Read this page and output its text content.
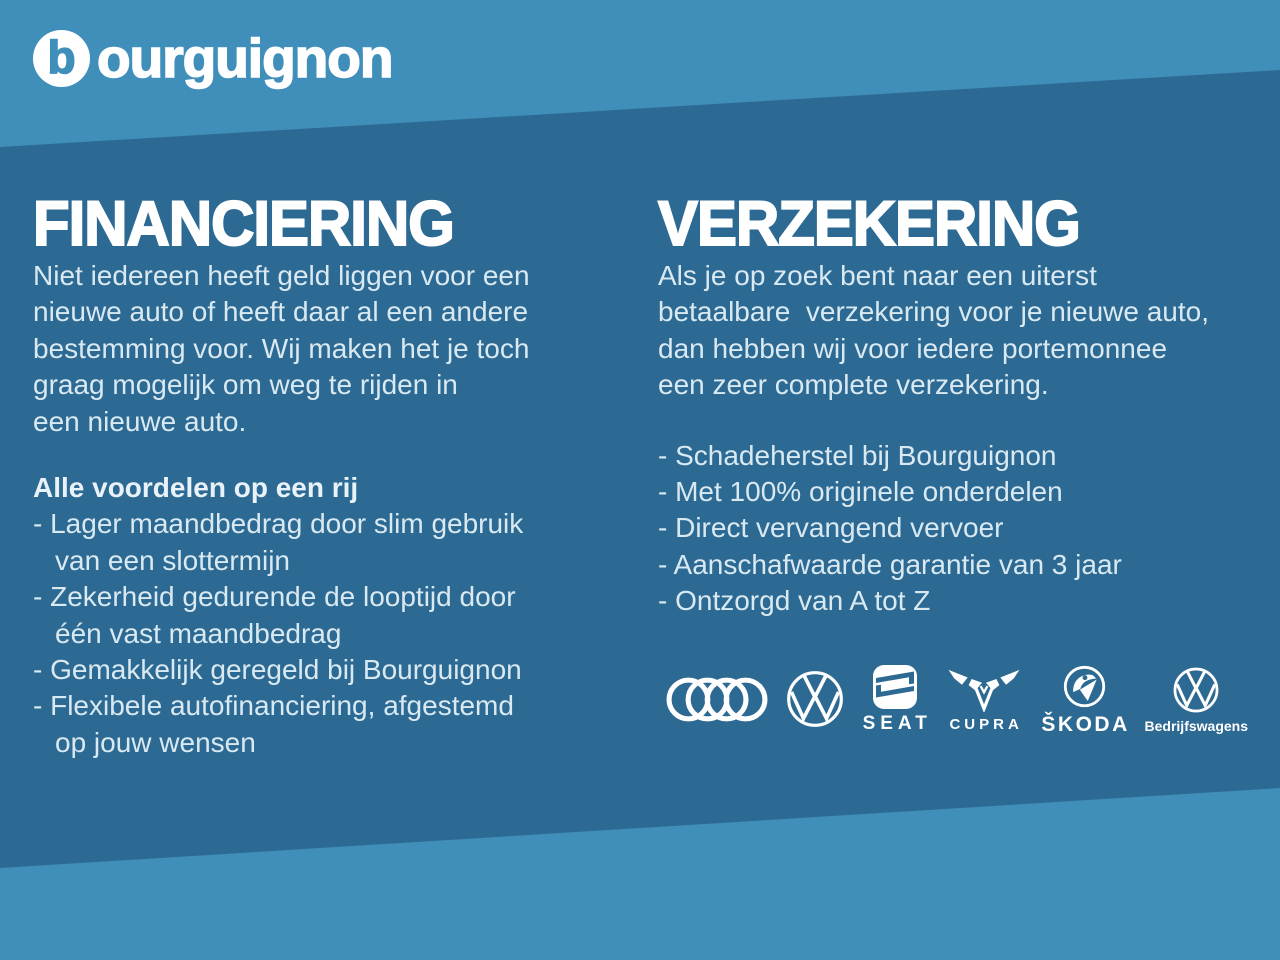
b ourguignon
FINANCIERING
Niet iedereen heeft geld liggen voor een
nieuwe auto of heeft daar al een andere
bestemming voor. Wij maken het je toch
graag mogelijk om weg te rijden in
een nieuwe auto.
Alle voordelen op een rij
- Lager maandbedrag door slim gebruik
van een slottermijn
- Zekerheid gedurende de looptijd door
één vast maandbedrag
- Gemakkelijk geregeld bij Bourguignon
- Flexibele autofinanciering, afgestemd
op jouw wensen
VERZEKERING
Als je op zoek bent naar een uiterst
betaalbare  verzekering voor je nieuwe auto,
dan hebben wij voor iedere portemonnee
een zeer complete verzekering.
- Schadeherstel bij Bourguignon
- Met 100% originele onderdelen
- Direct vervangend vervoer
- Aanschafwaarde garantie van 3 jaar
- Ontzorgd van A tot Z
SEAT CUPRA ŠKODA Bedrijfswagens
